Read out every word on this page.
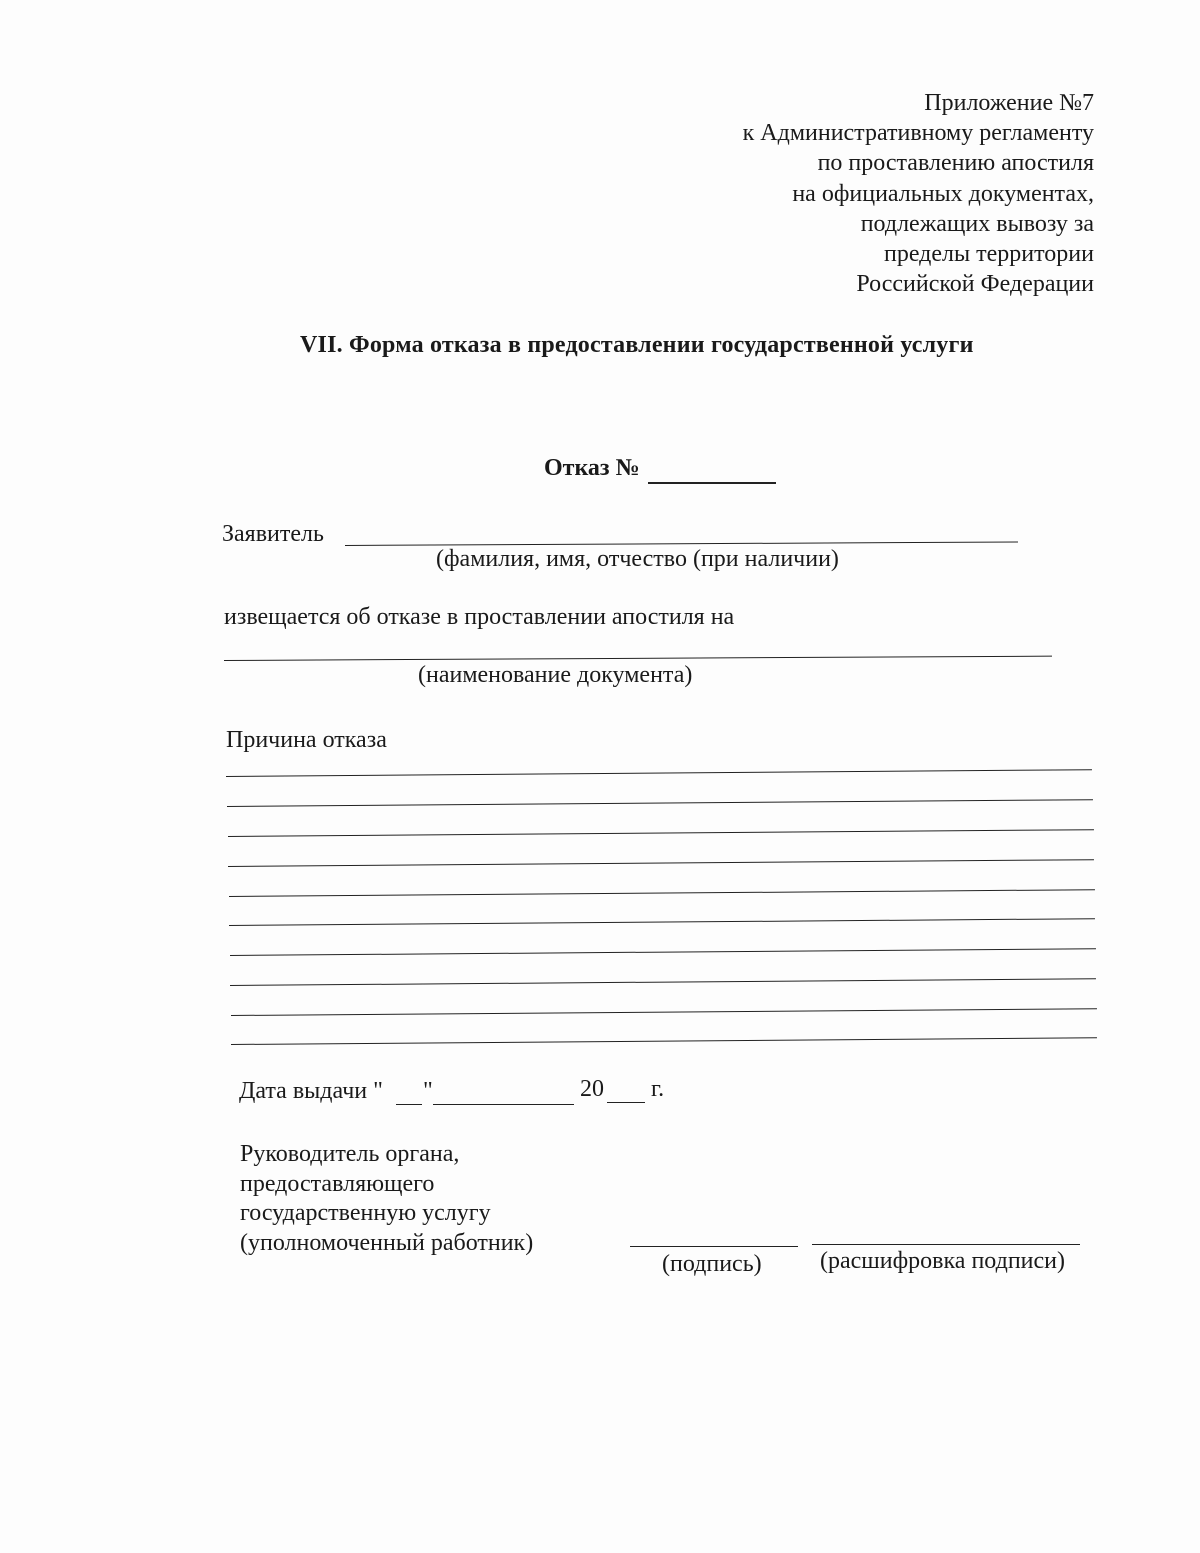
Приложение №7
к Административному регламенту
по проставлению апостиля
на официальных документах,
подлежащих вывозу за
пределы территории
Российской Федерации
VII. Форма отказа в предоставлении государственной услуги
Отказ №
Заявитель
(фамилия, имя, отчество (при наличии)
извещается об отказе в проставлении апостиля на
(наименование документа)
Причина отказа
Дата выдачи " "	20 г.
Руководитель органа,
предоставляющего
государственную услугу
(уполномоченный работник)
(подпись) (расшифровка подписи)
